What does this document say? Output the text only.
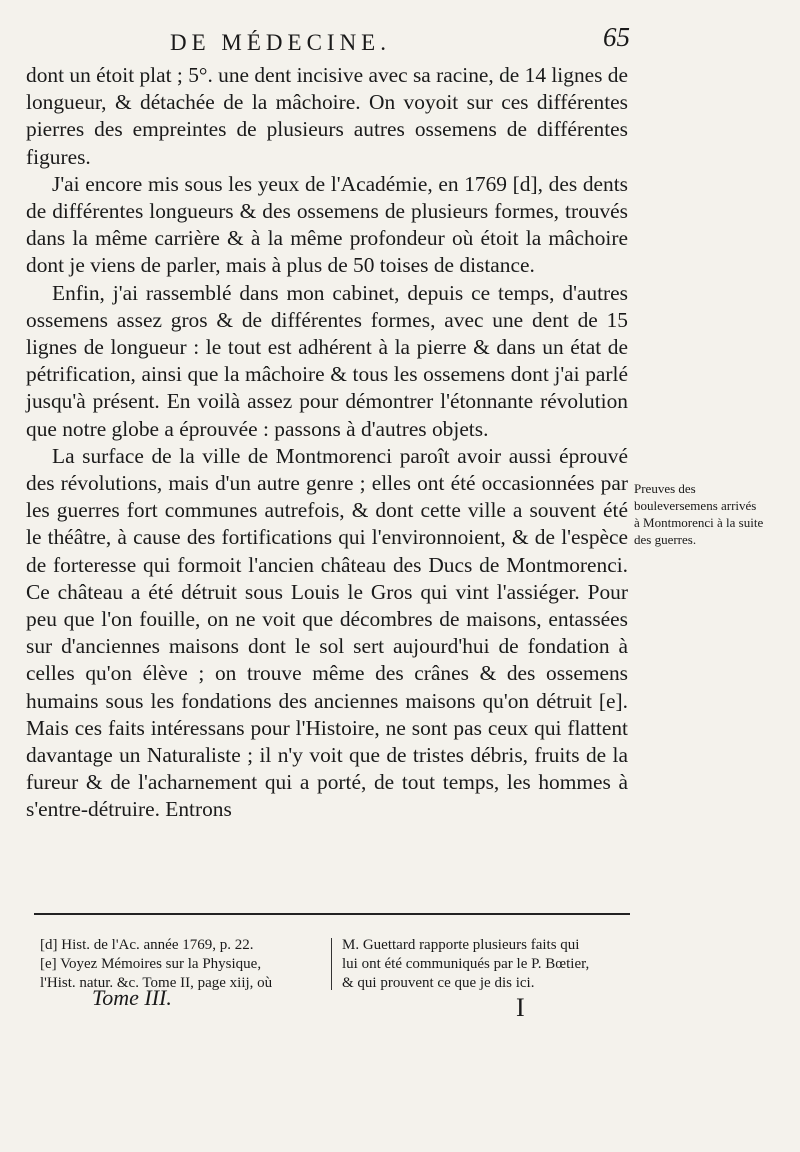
DE MÉDECINE.	65

dont un étoit plat ; 5°. une dent incisive avec sa racine, de 14 lignes de longueur, & détachée de la mâchoire. On voyoit sur ces différentes pierres des empreintes de plusieurs autres ossemens de différentes figures.

J'ai encore mis sous les yeux de l'Académie, en 1769 [d], des dents de différentes longueurs & des ossemens de plusieurs formes, trouvés dans la même carrière & à la même profondeur où étoit la mâchoire dont je viens de parler, mais à plus de 50 toises de distance.

Enfin, j'ai rassemblé dans mon cabinet, depuis ce temps, d'autres ossemens assez gros & de différentes formes, avec une dent de 15 lignes de longueur : le tout est adhérent à la pierre & dans un état de pétrification, ainsi que la mâchoire & tous les ossemens dont j'ai parlé jusqu'à présent. En voilà assez pour démontrer l'étonnante révolution que notre globe a éprouvée : passons à d'autres objets.

La surface de la ville de Montmorenci paroît avoir aussi éprouvé des révolutions, mais d'un autre genre ; elles ont été occasionnées par les guerres fort communes autrefois, & dont cette ville a souvent été le théâtre, à cause des fortifications qui l'environnoient, & de l'espèce de forteresse qui formoit l'ancien château des Ducs de Montmorenci. Ce château a été détruit sous Louis le Gros qui vint l'assiéger. Pour peu que l'on fouille, on ne voit que décombres de maisons, entassées sur d'anciennes maisons dont le sol sert aujourd'hui de fondation à celles qu'on élève ; on trouve même des crânes & des ossemens humains sous les fondations des anciennes maisons qu'on détruit [e]. Mais ces faits intéressans pour l'Histoire, ne sont pas ceux qui flattent davantage un Naturaliste ; il n'y voit que de tristes débris, fruits de la fureur & de l'acharnement qui a porté, de tout temps, les hommes à s'entre-détruire. Entrons

Preuves des bouleversemens arrivés à Montmorenci à la suite des guerres.
[d] Hist. de l'Ac. année 1769, p. 22.
[e] Voyez Mémoires sur la Physique,
l'Hist. natur. &c. Tome II, page xiij, où
M. Guettard rapporte plusieurs faits qui
lui ont été communiqués par le P. Bœtier,
& qui prouvent ce que je dis ici.
Tome III.	I
